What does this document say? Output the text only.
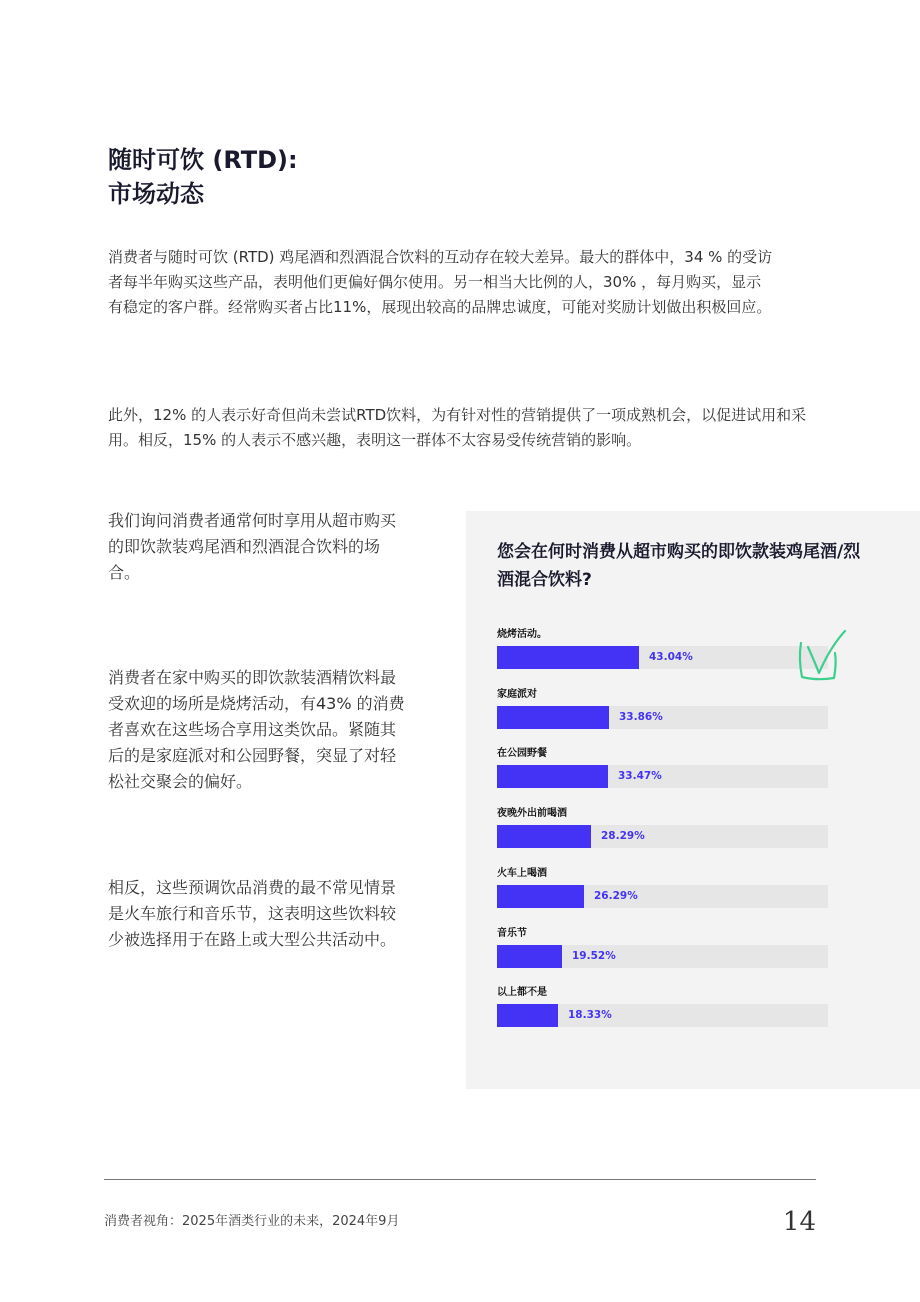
随时可饮 (RTD):
市场动态

消费者与随时可饮 (RTD) 鸡尾酒和烈酒混合饮料的互动存在较大差异。最大的群体中，34 % 的受访者每半年购买这些产品，表明他们更偏好偶尔使用。另一相当大比例的人，30% ，每月购买，显示有稳定的客户群。经常购买者占比11%，展现出较高的品牌忠诚度，可能对奖励计划做出积极回应。

此外，12% 的人表示好奇但尚未尝试RTD饮料，为有针对性的营销提供了一项成熟机会，以促进试用和采用。相反，15% 的人表示不感兴趣，表明这一群体不太容易受传统营销的影响。

我们询问消费者通常何时享用从超市购买的即饮款装鸡尾酒和烈酒混合饮料的场合。

消费者在家中购买的即饮款装酒精饮料最受欢迎的场所是烧烤活动，有43% 的消费者喜欢在这些场合享用这类饮品。紧随其后的是家庭派对和公园野餐，突显了对轻松社交聚会的偏好。

相反，这些预调饮品消费的最不常见情景是火车旅行和音乐节，这表明这些饮料较少被选择用于在路上或大型公共活动中。

您会在何时消费从超市购买的即饮款装鸡尾酒/烈酒混合饮料?
烧烤活动。
43.04%
家庭派对
33.86%
在公园野餐
33.47%
夜晚外出前喝酒
28.29%
火车上喝酒
26.29%
音乐节
19.52%
以上都不是
18.33%
消费者视角：2025年酒类行业的未来，2024年9月	14
